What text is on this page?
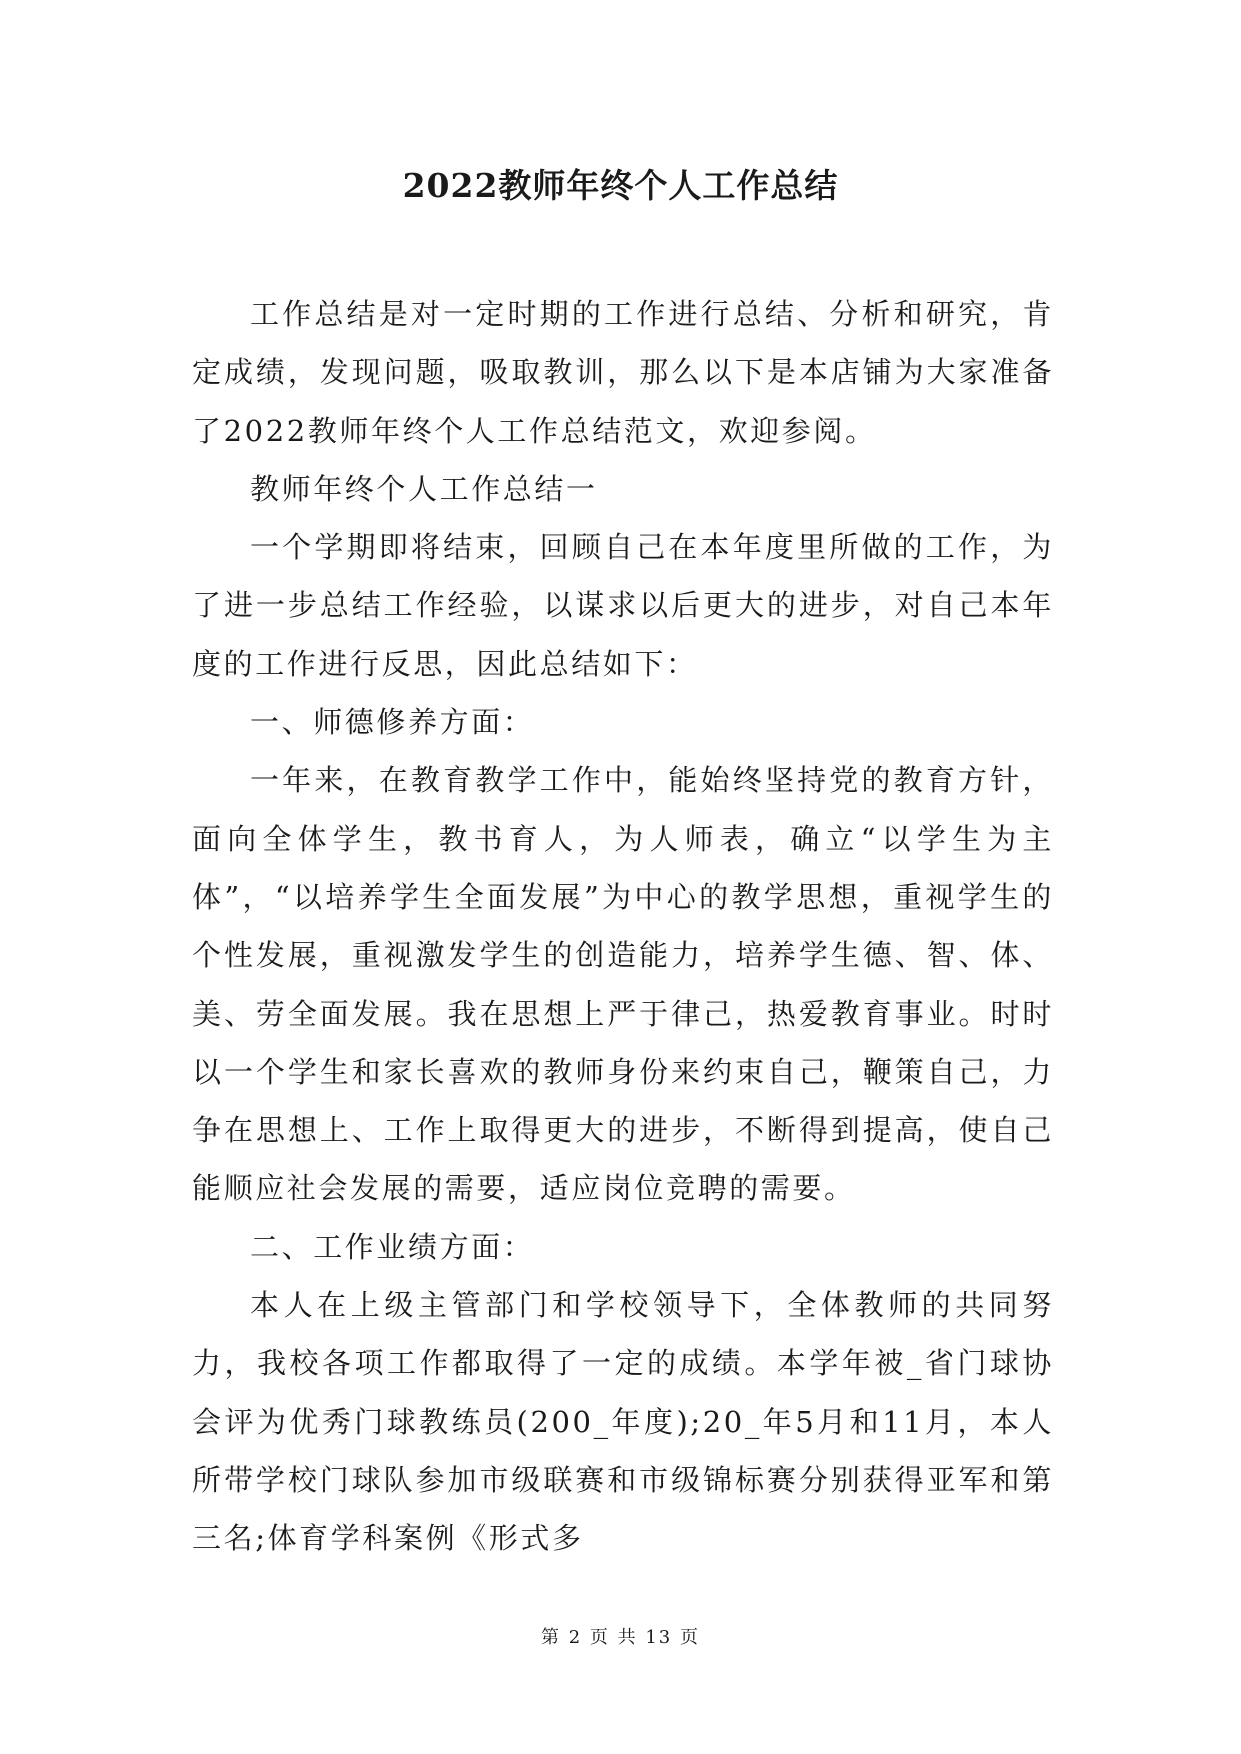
2022教师年终个人工作总结

工作总结是对一定时期的工作进行总结、分析和研究，肯定成绩，发现问题，吸取教训，那么以下是本店铺为大家准备了2022教师年终个人工作总结范文，欢迎参阅。

教师年终个人工作总结一

一个学期即将结束，回顾自己在本年度里所做的工作，为了进一步总结工作经验，以谋求以后更大的进步，对自己本年度的工作进行反思，因此总结如下：

一、师德修养方面：

一年来，在教育教学工作中，能始终坚持党的教育方针，面向全体学生，教书育人，为人师表，确立“以学生为主体”，“以培养学生全面发展”为中心的教学思想，重视学生的个性发展，重视激发学生的创造能力，培养学生德、智、体、美、劳全面发展。我在思想上严于律己，热爱教育事业。时时以一个学生和家长喜欢的教师身份来约束自己，鞭策自己，力争在思想上、工作上取得更大的进步，不断得到提高，使自己能顺应社会发展的需要，适应岗位竞聘的需要。

二、工作业绩方面：

本人在上级主管部门和学校领导下，全体教师的共同努力，我校各项工作都取得了一定的成绩。本学年被_省门球协会评为优秀门球教练员(200_年度);20_年5月和11月，本人所带学校门球队参加市级联赛和市级锦标赛分别获得亚军和第三名;体育学科案例《形式多

第 2 页 共 13 页
